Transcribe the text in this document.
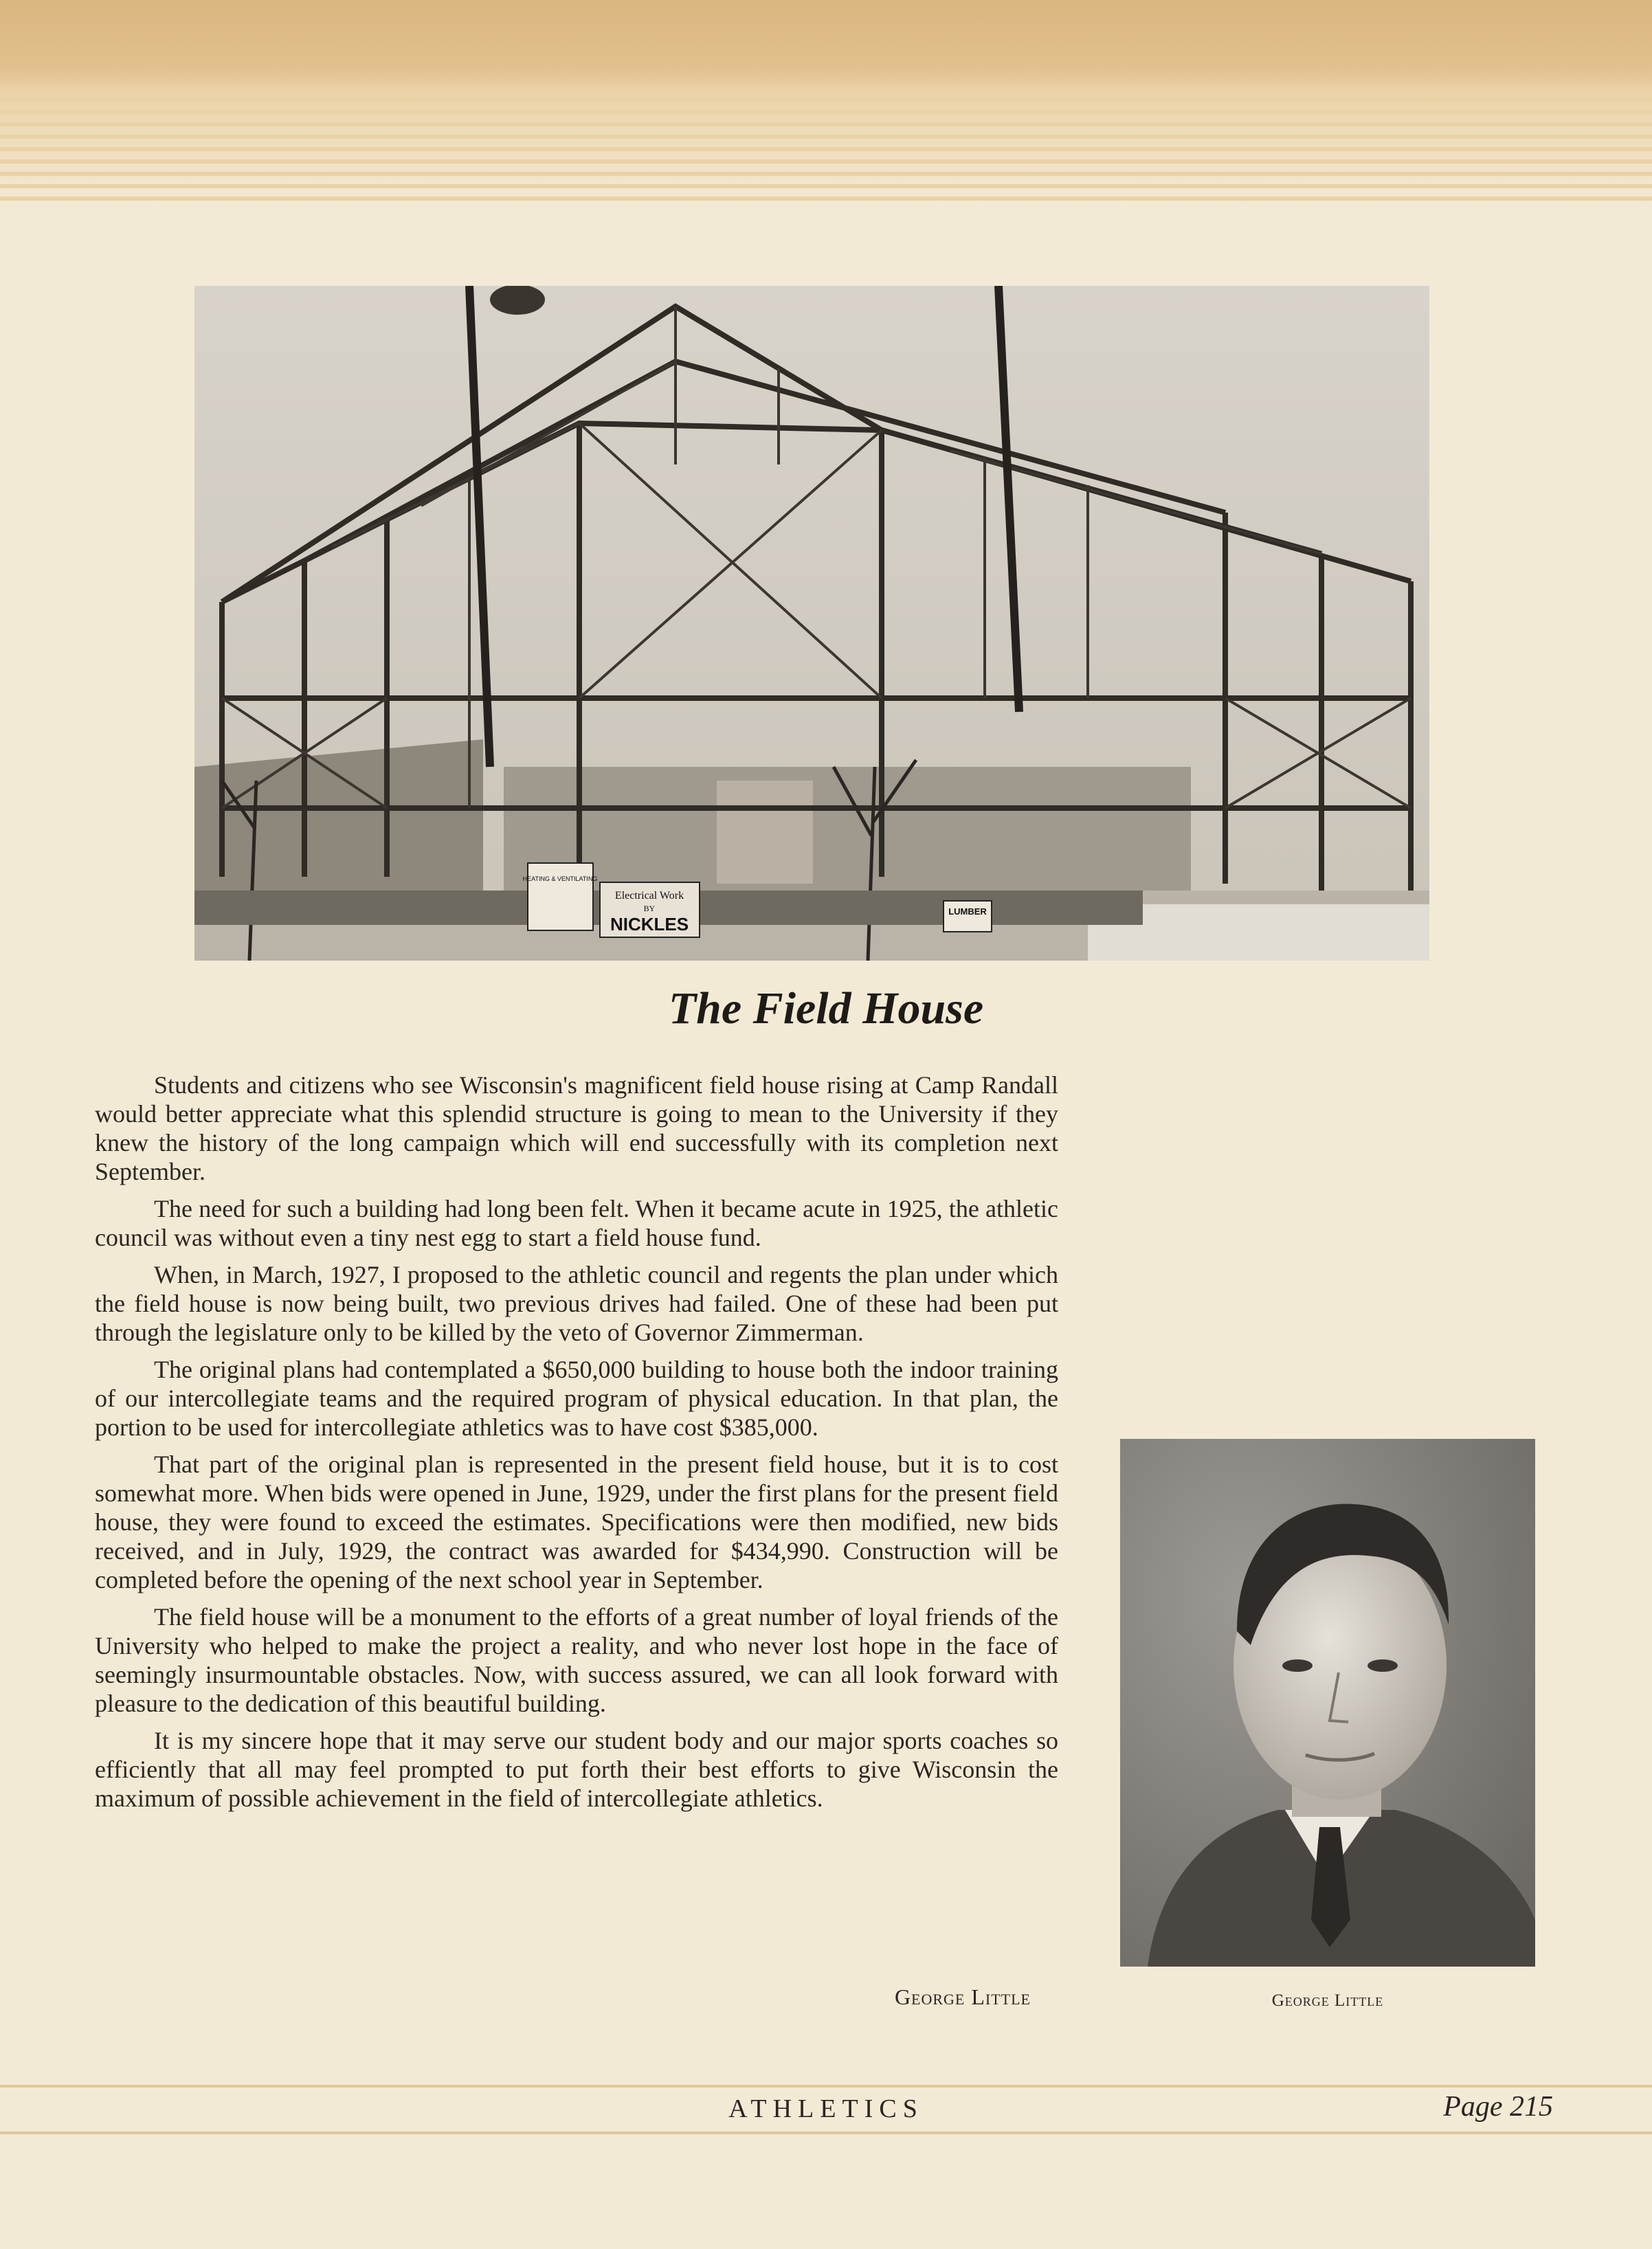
HEATING & VENTILATING
Electrical Work
BY
NICKLES
LUMBER
The Field House

Students and citizens who see Wisconsin's magnificent field house rising at Camp Randall would better appreciate what this splendid structure is going to mean to the University if they knew the history of the long campaign which will end successfully with its completion next September.

The need for such a building had long been felt. When it became acute in 1925, the athletic council was without even a tiny nest egg to start a field house fund.

When, in March, 1927, I proposed to the athletic council and regents the plan under which the field house is now being built, two previous drives had failed. One of these had been put through the legislature only to be killed by the veto of Governor Zimmerman.

The original plans had contemplated a $650,000 building to house both the indoor training of our intercollegiate teams and the required program of physical education. In that plan, the portion to be used for intercollegiate athletics was to have cost $385,000.

That part of the original plan is represented in the present field house, but it is to cost somewhat more. When bids were opened in June, 1929, under the first plans for the present field house, they were found to exceed the estimates. Specifications were then modified, new bids received, and in July, 1929, the contract was awarded for $434,990. Construction will be completed before the opening of the next school year in September.

The field house will be a monument to the efforts of a great number of loyal friends of the University who helped to make the project a reality, and who never lost hope in the face of seemingly insurmountable obstacles. Now, with success assured, we can all look forward with pleasure to the dedication of this beautiful building.

It is my sincere hope that it may serve our student body and our major sports coaches so efficiently that all may feel prompted to put forth their best efforts to give Wisconsin the maximum of possible achievement in the field of intercollegiate athletics.

George Little	George Little
ATHLETICS	Page 215
